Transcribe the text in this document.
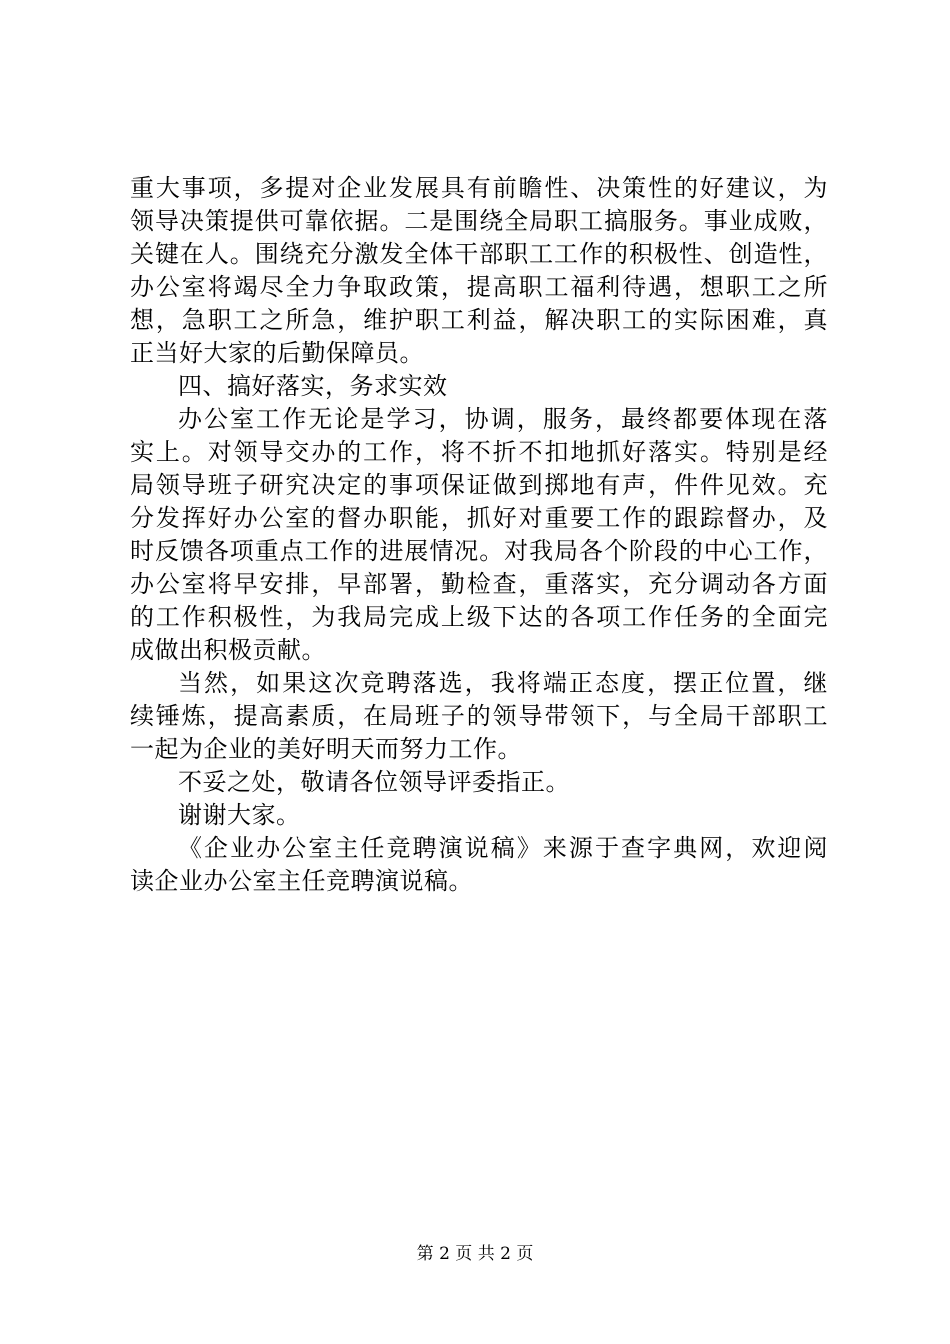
重大事项，多提对企业发展具有前瞻性、决策性的好建议，为
领导决策提供可靠依据。二是围绕全局职工搞服务。事业成败，
关键在人。围绕充分激发全体干部职工工作的积极性、创造性，
办公室将竭尽全力争取政策，提高职工福利待遇，想职工之所
想，急职工之所急，维护职工利益，解决职工的实际困难，真
正当好大家的后勤保障员。
四、搞好落实，务求实效
办公室工作无论是学习，协调，服务，最终都要体现在落
实上。对领导交办的工作，将不折不扣地抓好落实。特别是经
局领导班子研究决定的事项保证做到掷地有声，件件见效。充
分发挥好办公室的督办职能，抓好对重要工作的跟踪督办，及
时反馈各项重点工作的进展情况。对我局各个阶段的中心工作，
办公室将早安排，早部署，勤检查，重落实，充分调动各方面
的工作积极性，为我局完成上级下达的各项工作任务的全面完
成做出积极贡献。
当然，如果这次竞聘落选，我将端正态度，摆正位置，继
续锤炼，提高素质，在局班子的领导带领下，与全局干部职工
一起为企业的美好明天而努力工作。
不妥之处，敬请各位领导评委指正。
谢谢大家。
《企业办公室主任竞聘演说稿》来源于查字典网，欢迎阅
读企业办公室主任竞聘演说稿。
第 2 页 共 2 页
